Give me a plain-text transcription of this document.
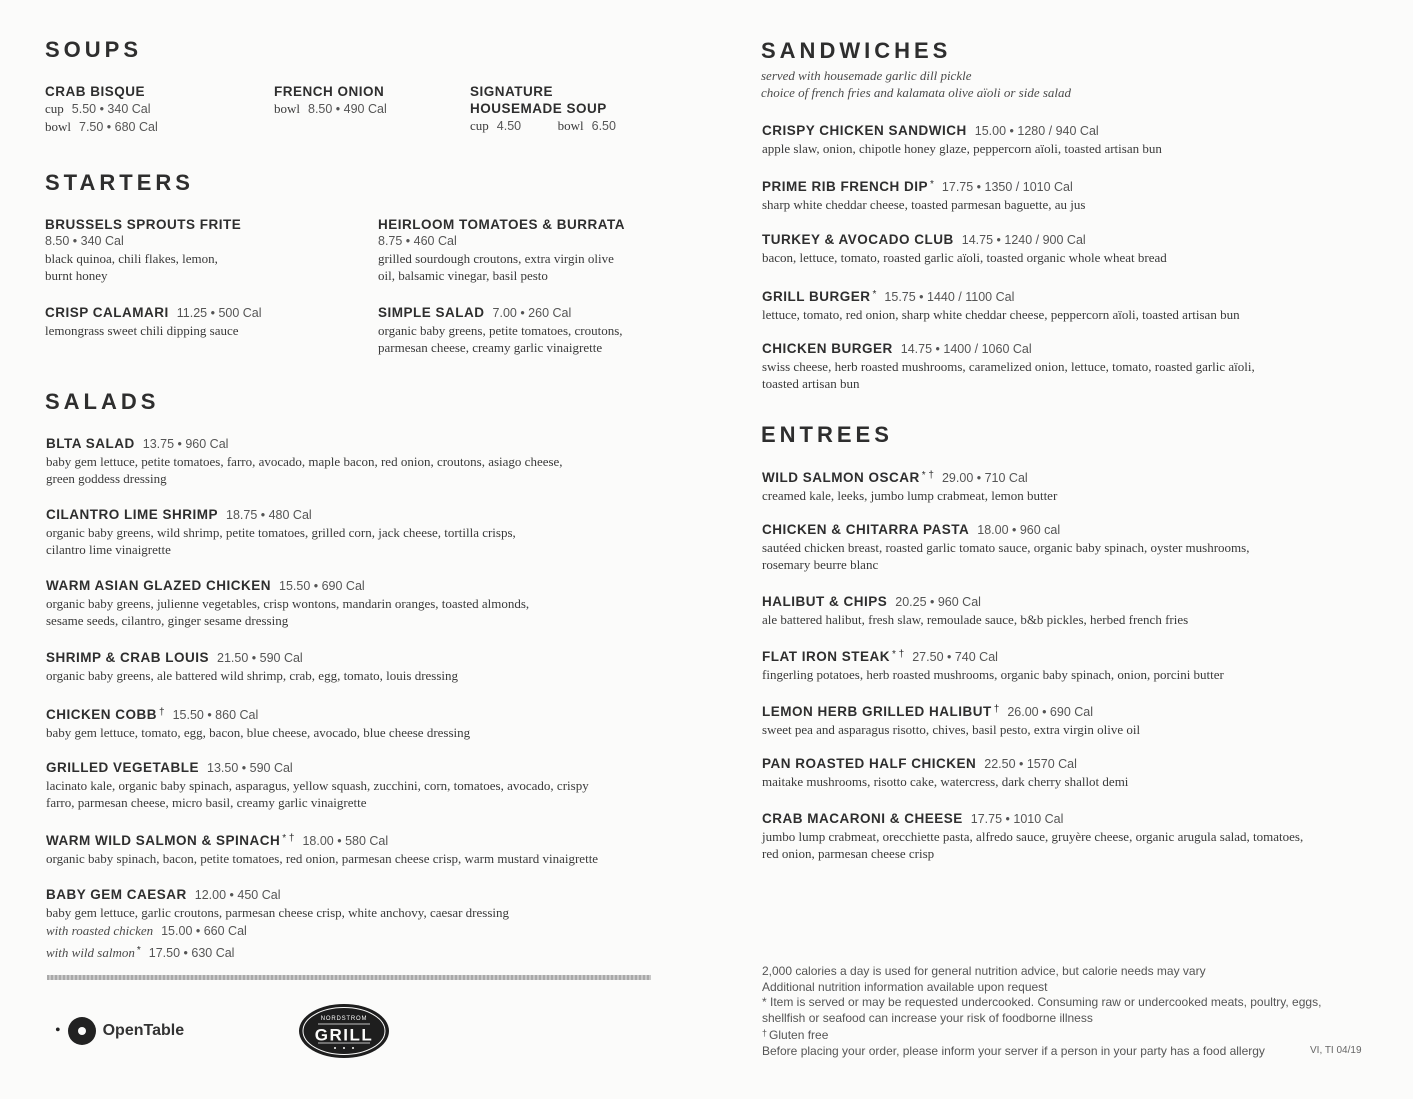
SOUPS
CRAB BISQUE
cup 5.50 • 340 Cal
bowl 7.50 • 680 Cal
FRENCH ONION
bowl 8.50 • 490 Cal
SIGNATURE
HOUSEMADE SOUP
cup 4.50	bowl 6.50
STARTERS
BRUSSELS SPROUTS FRITE
8.50 • 340 Cal
black quinoa, chili flakes, lemon,
burnt honey
HEIRLOOM TOMATOES & BURRATA
8.75 • 460 Cal
grilled sourdough croutons, extra virgin olive
oil, balsamic vinegar, basil pesto
CRISP CALAMARI 11.25 • 500 Cal
lemongrass sweet chili dipping sauce
SIMPLE SALAD 7.00 • 260 Cal
organic baby greens, petite tomatoes, croutons,
parmesan cheese, creamy garlic vinaigrette
SALADS
BLTA SALAD 13.75 • 960 Cal
baby gem lettuce, petite tomatoes, farro, avocado, maple bacon, red onion, croutons, asiago cheese,
green goddess dressing
CILANTRO LIME SHRIMP 18.75 • 480 Cal
organic baby greens, wild shrimp, petite tomatoes, grilled corn, jack cheese, tortilla crisps,
cilantro lime vinaigrette
WARM ASIAN GLAZED CHICKEN 15.50 • 690 Cal
organic baby greens, julienne vegetables, crisp wontons, mandarin oranges, toasted almonds,
sesame seeds, cilantro, ginger sesame dressing
SHRIMP & CRAB LOUIS 21.50 • 590 Cal
organic baby greens, ale battered wild shrimp, crab, egg, tomato, louis dressing
CHICKEN COBB † 15.50 • 860 Cal
baby gem lettuce, tomato, egg, bacon, blue cheese, avocado, blue cheese dressing
GRILLED VEGETABLE 13.50 • 590 Cal
lacinato kale, organic baby spinach, asparagus, yellow squash, zucchini, corn, tomatoes, avocado, crispy
farro, parmesan cheese, micro basil, creamy garlic vinaigrette
WARM WILD SALMON & SPINACH * † 18.00 • 580 Cal
organic baby spinach, bacon, petite tomatoes, red onion, parmesan cheese crisp, warm mustard vinaigrette
BABY GEM CAESAR 12.00 • 450 Cal
baby gem lettuce, garlic croutons, parmesan cheese crisp, white anchovy, caesar dressing
with roasted chicken 15.00 • 660 Cal
with wild salmon * 17.50 • 630 Cal
•	OpenTable
NORDSTROM
GRILL
SANDWICHES
served with housemade garlic dill pickle
choice of french fries and kalamata olive aïoli or side salad
CRISPY CHICKEN SANDWICH 15.00 • 1280 / 940 Cal
apple slaw, onion, chipotle honey glaze, peppercorn aïoli, toasted artisan bun
PRIME RIB FRENCH DIP * 17.75 • 1350 / 1010 Cal
sharp white cheddar cheese, toasted parmesan baguette, au jus
TURKEY & AVOCADO CLUB 14.75 • 1240 / 900 Cal
bacon, lettuce, tomato, roasted garlic aïoli, toasted organic whole wheat bread
GRILL BURGER * 15.75 • 1440 / 1100 Cal
lettuce, tomato, red onion, sharp white cheddar cheese, peppercorn aïoli, toasted artisan bun
CHICKEN BURGER 14.75 • 1400 / 1060 Cal
swiss cheese, herb roasted mushrooms, caramelized onion, lettuce, tomato, roasted garlic aïoli,
toasted artisan bun
ENTREES
WILD SALMON OSCAR * † 29.00 • 710 Cal
creamed kale, leeks, jumbo lump crabmeat, lemon butter
CHICKEN & CHITARRA PASTA 18.00 • 960 cal
sautéed chicken breast, roasted garlic tomato sauce, organic baby spinach, oyster mushrooms,
rosemary beurre blanc
HALIBUT & CHIPS 20.25 • 960 Cal
ale battered halibut, fresh slaw, remoulade sauce, b&b pickles, herbed french fries
FLAT IRON STEAK * † 27.50 • 740 Cal
fingerling potatoes, herb roasted mushrooms, organic baby spinach, onion, porcini butter
LEMON HERB GRILLED HALIBUT † 26.00 • 690 Cal
sweet pea and asparagus risotto, chives, basil pesto, extra virgin olive oil
PAN ROASTED HALF CHICKEN 22.50 • 1570 Cal
maitake mushrooms, risotto cake, watercress, dark cherry shallot demi
CRAB MACARONI & CHEESE 17.75 • 1010 Cal
jumbo lump crabmeat, orecchiette pasta, alfredo sauce, gruyère cheese, organic arugula salad, tomatoes,
red onion, parmesan cheese crisp
2,000 calories a day is used for general nutrition advice, but calorie needs may vary
Additional nutrition information available upon request
* Item is served or may be requested undercooked. Consuming raw or undercooked meats, poultry, eggs,
shellfish or seafood can increase your risk of foodborne illness
† Gluten free
Before placing your order, please inform your server if a person in your party has a food allergy	VI, TI 04/19
